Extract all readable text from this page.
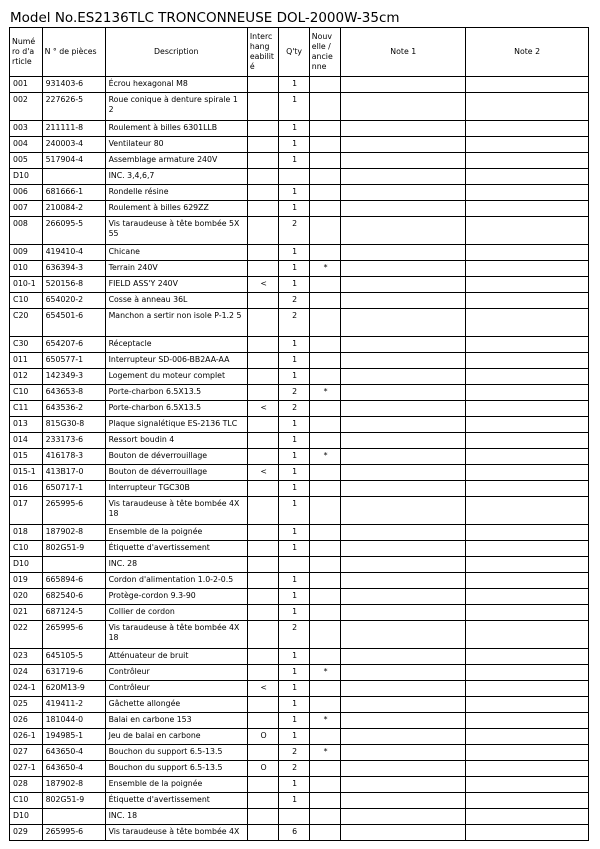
Model No.ES2136TLC TRONCONNEUSE DOL-2000W-35cm
Numé ro d'a rticle	N ° de pièces	Description	Interc hang eabilit é	Q'ty	Nouv elle / ancie nne	Note 1	Note 2
001	931403-6	Écrou hexagonal M8		1			
002	227626-5	Roue conique à denture spirale 1 2		1			
003	211111-8	Roulement à billes 6301LLB		1			
004	240003-4	Ventilateur 80		1			
005	517904-4	Assemblage armature 240V		1			
D10		INC. 3,4,6,7					
006	681666-1	Rondelle résine		1			
007	210084-2	Roulement à billes 629ZZ		1			
008	266095-5	Vis taraudeuse à tête bombée 5X 55		2			
009	419410-4	Chicane		1			
010	636394-3	Terrain 240V		1	*		
010-1	520156-8	FIELD ASS'Y 240V	<	1			
C10	654020-2	Cosse à anneau 36L		2			
C20	654501-6	Manchon a sertir non isole P-1.2 5		2			
C30	654207-6	Réceptacle		1			
011	650577-1	Interrupteur SD-006-BB2AA-AA		1			
012	142349-3	Logement du moteur complet		1			
C10	643653-8	Porte-charbon 6.5X13.5		2	*		
C11	643536-2	Porte-charbon 6.5X13.5	<	2			
013	815G30-8	Plaque signalétique ES-2136 TLC		1			
014	233173-6	Ressort boudin 4		1			
015	416178-3	Bouton de déverrouillage		1	*		
015-1	413B17-0	Bouton de déverrouillage	<	1			
016	650717-1	Interrupteur TGC30B		1			
017	265995-6	Vis taraudeuse à tête bombée 4X 18		1			
018	187902-8	Ensemble de la poignée		1			
C10	802G51-9	Étiquette d'avertissement		1			
D10		INC. 28					
019	665894-6	Cordon d'alimentation 1.0-2-0.5		1			
020	682540-6	Protège-cordon 9.3-90		1			
021	687124-5	Collier de cordon		1			
022	265995-6	Vis taraudeuse à tête bombée 4X 18		2			
023	645105-5	Atténuateur de bruit		1			
024	631719-6	Contrôleur		1	*		
024-1	620M13-9	Contrôleur	<	1			
025	419411-2	Gâchette allongée		1			
026	181044-0	Balai en carbone 153		1	*		
026-1	194985-1	Jeu de balai en carbone	O	1			
027	643650-4	Bouchon du support 6.5-13.5		2	*		
027-1	643650-4	Bouchon du support 6.5-13.5	O	2			
028	187902-8	Ensemble de la poignée		1			
C10	802G51-9	Étiquette d'avertissement		1			
D10		INC. 18					
029	265995-6	Vis taraudeuse à tête bombée 4X		6			
